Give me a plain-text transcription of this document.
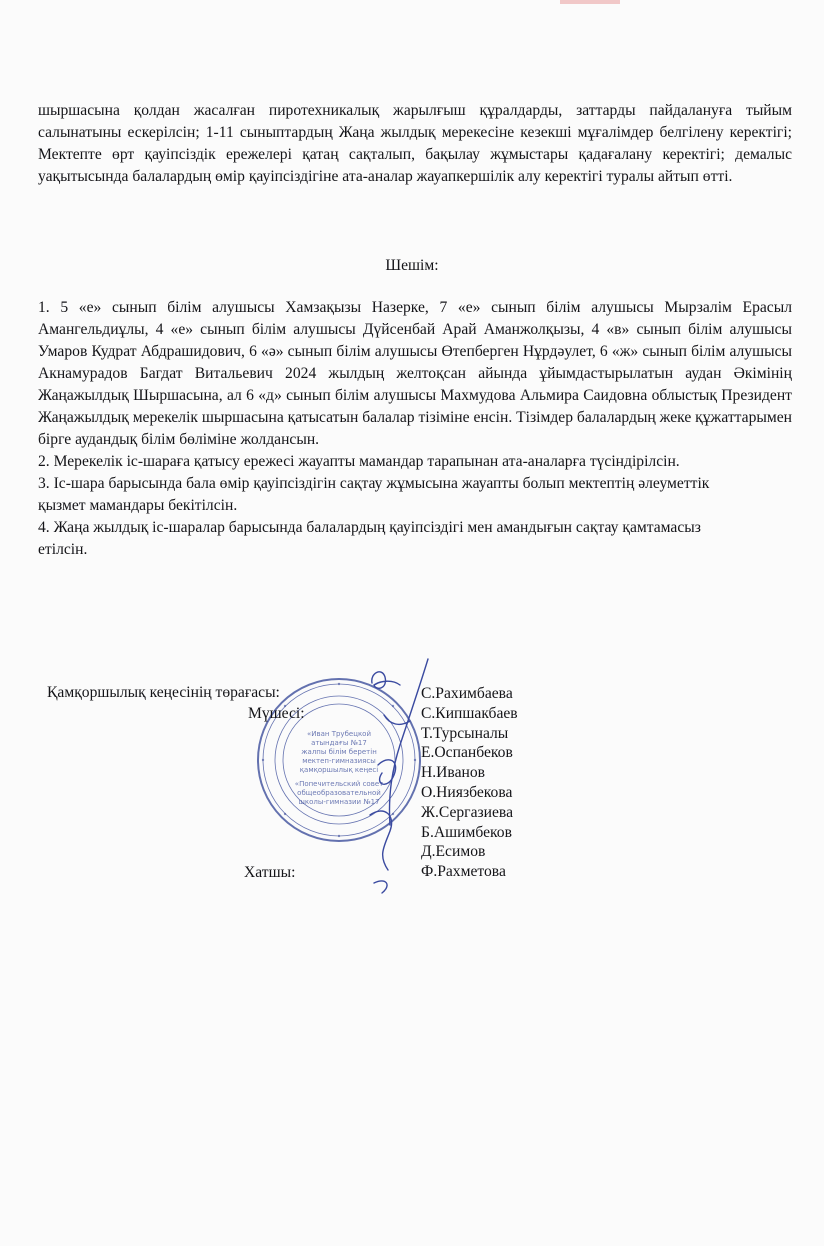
шыршасына қолдан жасалған пиротехникалық жарылғыш құралдарды, заттарды пайдалануға тыйым салынатыны ескерілсін; 1-11 сыныптардың Жаңа жылдық мерекесіне кезекші мұғалімдер белгілену керектігі; Мектепте өрт қауіпсіздік ережелері қатаң сақталып, бақылау жұмыстары қадағалану керектігі; демалыс уақытысында балалардың өмір қауіпсіздігіне ата-аналар жауапкершілік алу керектігі туралы айтып өтті.

Шешім:

1. 5 «е» сынып білім алушысы Хамзақызы Назерке, 7 «е» сынып білім алушысы Мырзалім Ерасыл Амангельдиұлы, 4 «е» сынып білім алушысы Дүйсенбай Арай Аманжолқызы, 4 «в» сынып білім алушысы Умаров Кудрат Абдрашидович, 6 «ә» сынып білім алушысы Өтепберген Нұрдәулет, 6 «ж» сынып білім алушысы Акнамурадов Багдат Витальевич 2024 жылдың желтоқсан айында ұйымдастырылатын аудан Әкімінің Жаңажылдық Шыршасына, ал 6 «д» сынып білім алушысы Махмудова Альмира Саидовна облыстық Президент Жаңажылдық мерекелік шыршасына қатысатын балалар тізіміне енсін. Тізімдер балалардың жеке құжаттарымен бірге аудандық білім бөліміне жолдансын.

2. Мерекелік іс-шараға қатысу ережесі жауапты мамандар тарапынан ата-аналарға түсіндірілсін.

3. Іс-шара барысында бала өмір қауіпсіздігін сақтау жұмысына жауапты болып мектептің әлеуметтік қызмет мамандары бекітілсін.

4. Жаңа жылдық іс-шаралар барысында балалардың қауіпсіздігі мен амандығын сақтау қамтамасыз етілсін.

«Иван Трубецкой
атындағы №17
жалпы білім беретін
мектеп-гимназиясы
қамқоршылық кеңесі
«Попечительский совет
общеобразовательной
школы-гимназии №17
Қамқоршылық кеңесінің төрағасы:
Мүшесі:
Хатшы:
С.Рахимбаева
С.Кипшакбаев
Т.Турсыналы
Е.Оспанбеков
Н.Иванов
О.Ниязбекова
Ж.Сергазиева
Б.Ашимбеков
Д.Есимов
Ф.Рахметова
